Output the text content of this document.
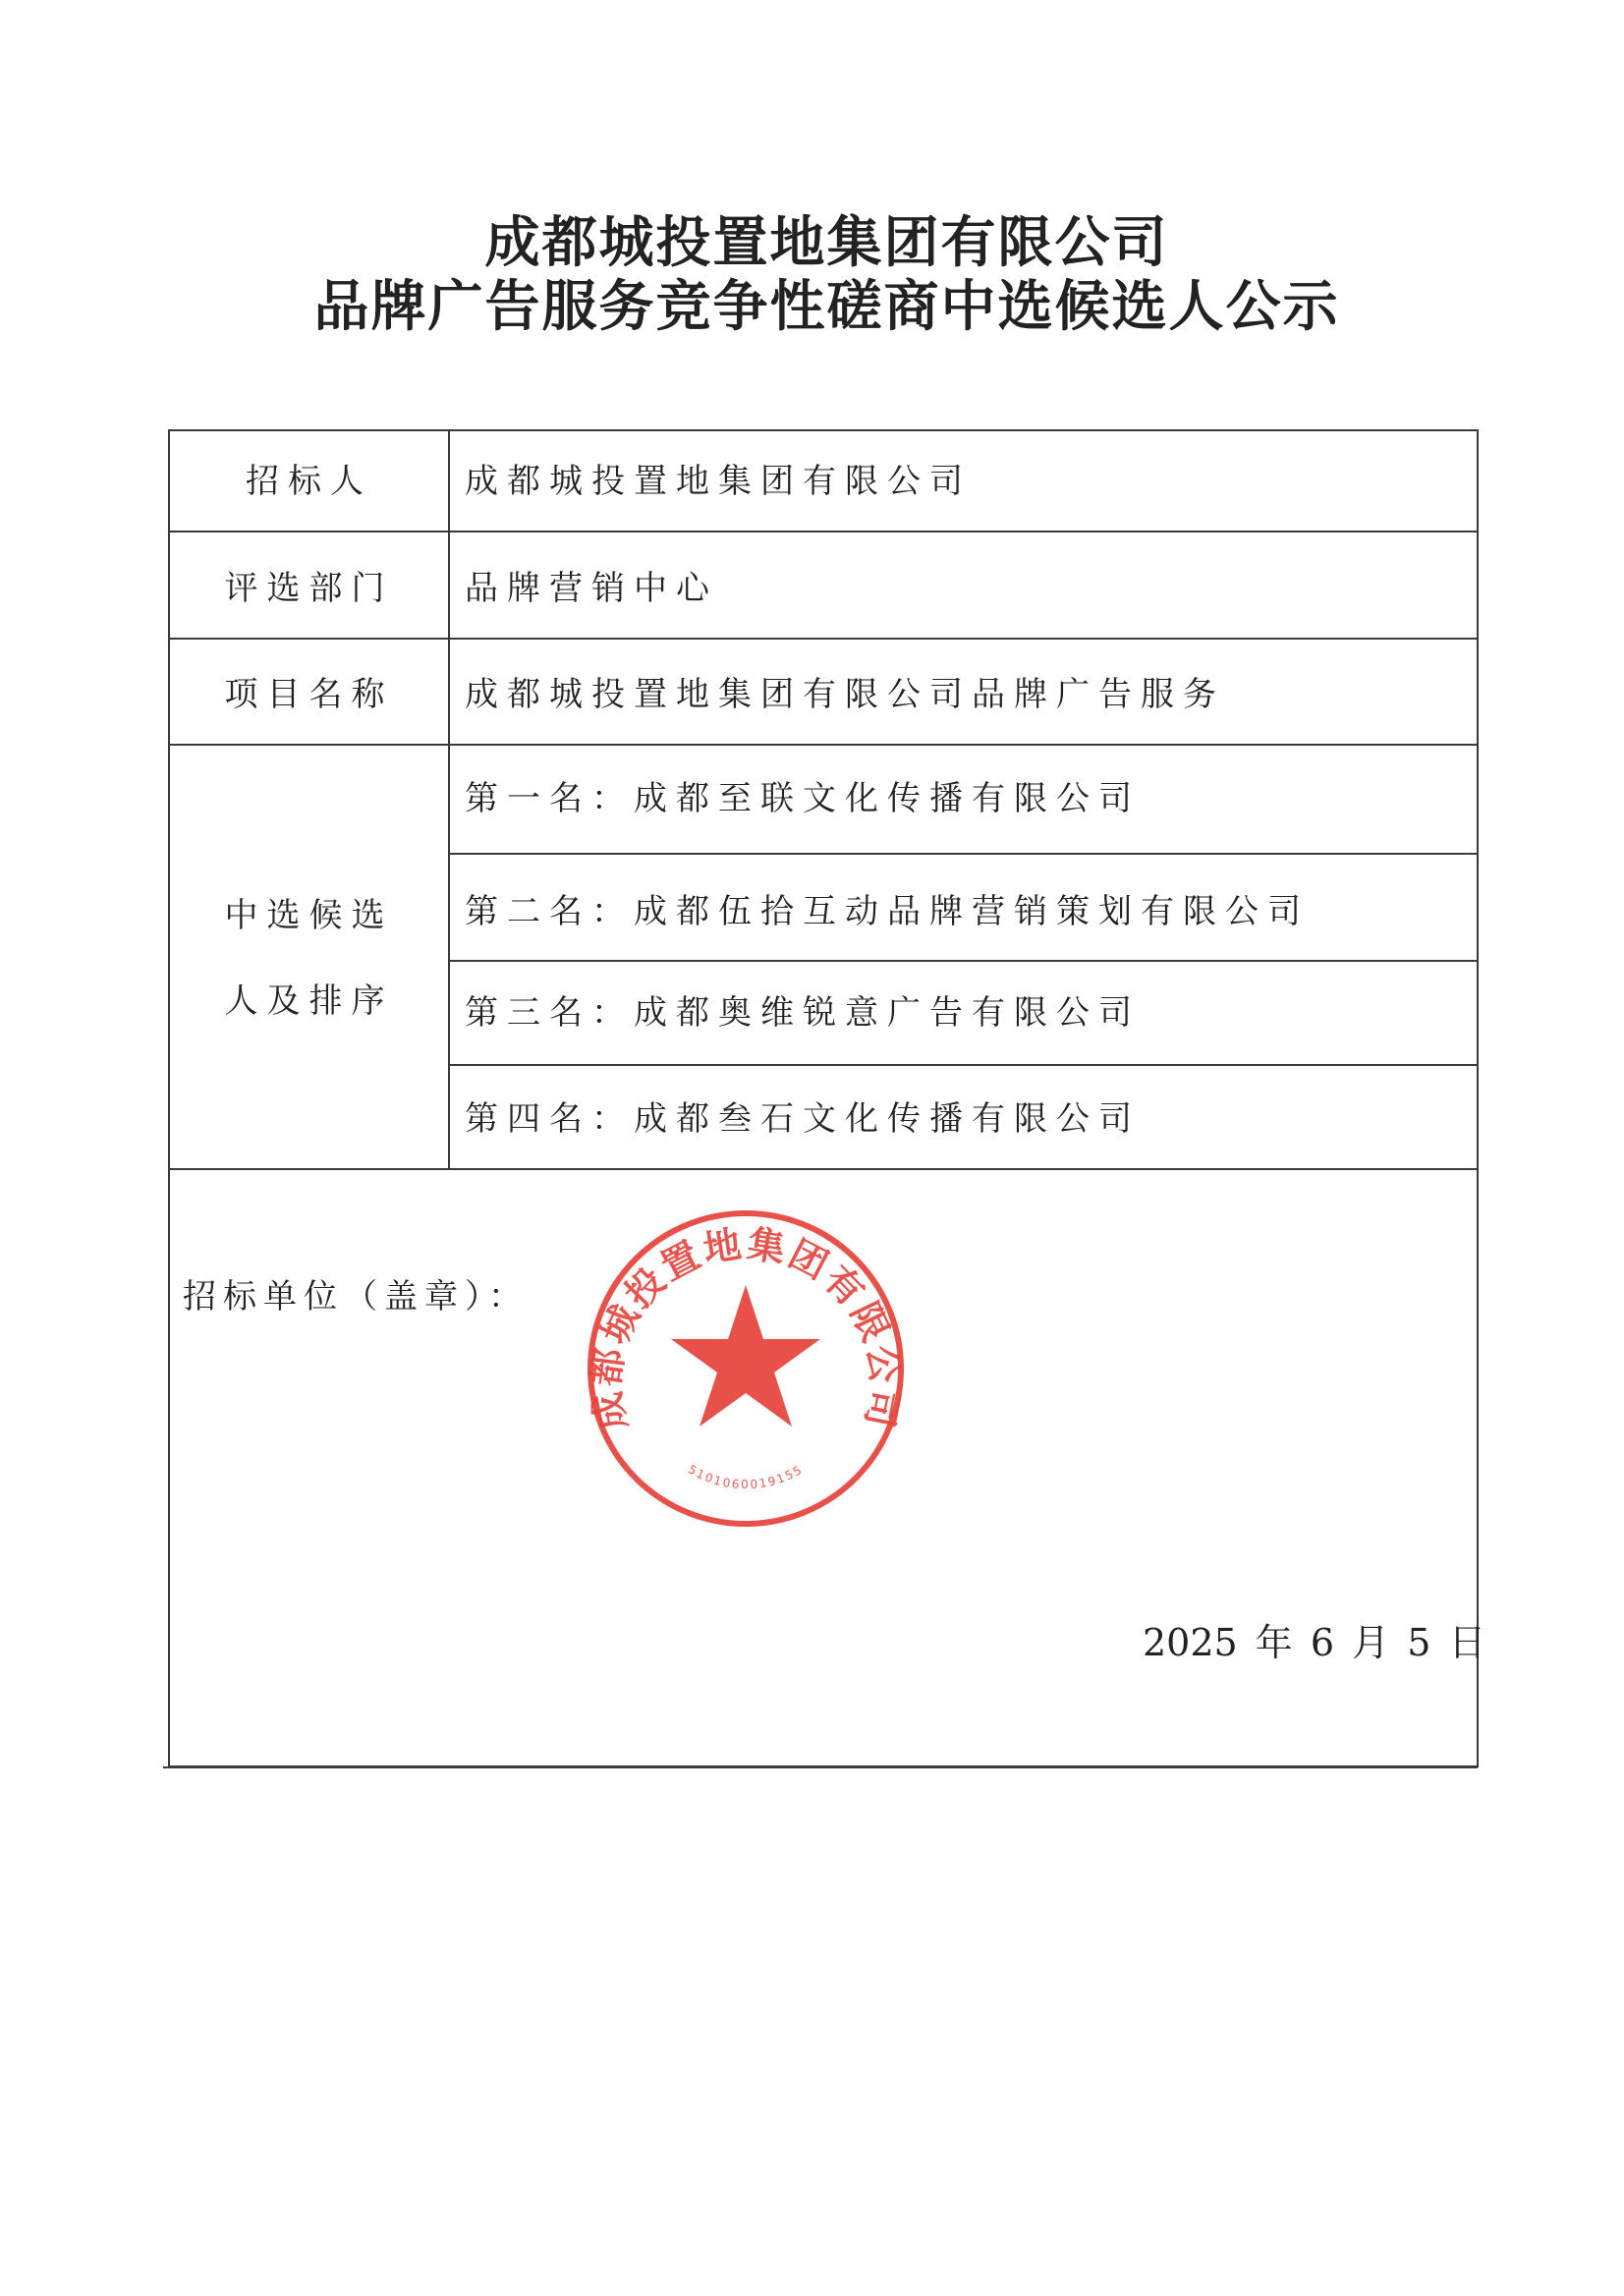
成都城投置地集团有限公司
品牌广告服务竞争性磋商中选候选人公示
招标人	成都城投置地集团有限公司
评选部门	品牌营销中心
项目名称	成都城投置地集团有限公司品牌广告服务
中选候选
人及排序
第一名：成都至联文化传播有限公司
第二名：成都伍拾互动品牌营销策划有限公司
第三名：成都奥维锐意广告有限公司
第四名：成都叁石文化传播有限公司
招标单位（盖章）：
成都城投置地集团有限公司
5101060019155
2025 年 6 月 5 日
